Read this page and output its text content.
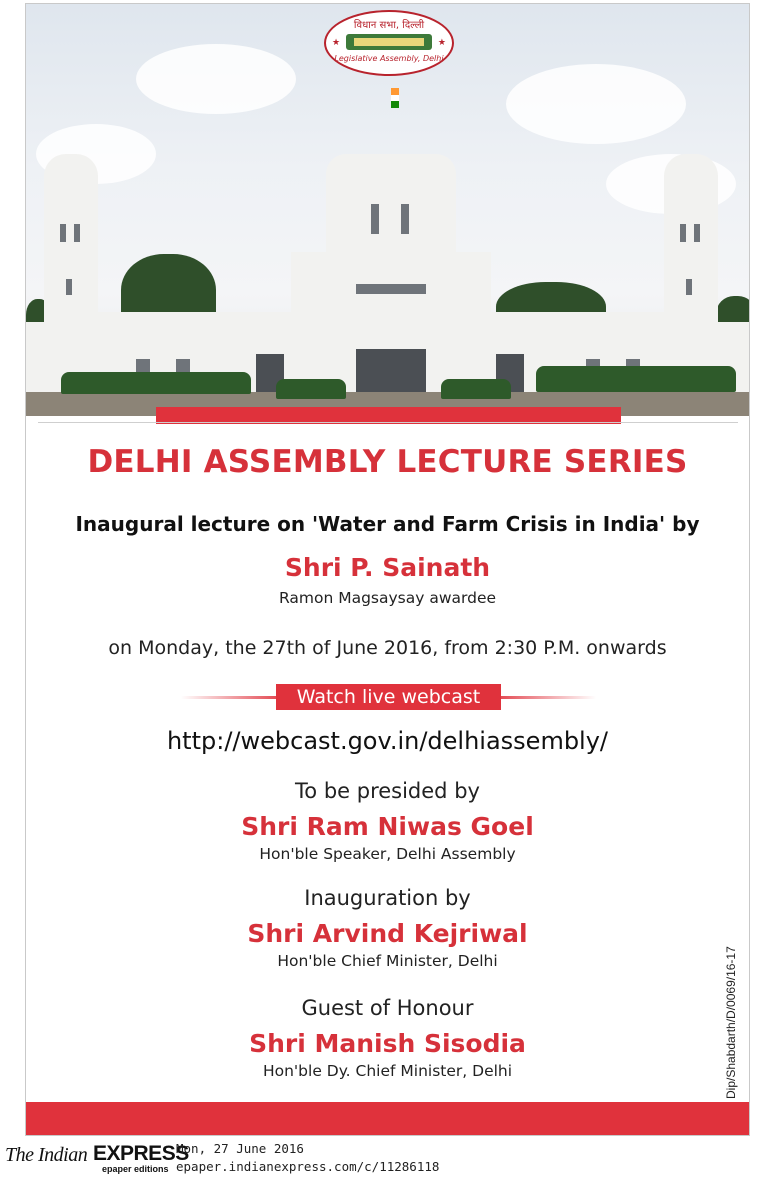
विधान सभा, दिल्ली
★	★
Legislative Assembly, Delhi
DELHI ASSEMBLY LECTURE SERIES
Inaugural lecture on 'Water and Farm Crisis in India' by
Shri P. Sainath
Ramon Magsaysay awardee
on Monday, the 27th of June 2016, from 2:30 P.M. onwards
Watch live webcast
http://webcast.gov.in/delhiassembly/
To be presided by
Shri Ram Niwas Goel
Hon'ble Speaker, Delhi Assembly
Inauguration by
Shri Arvind Kejriwal
Hon'ble Chief Minister, Delhi
Guest of Honour
Shri Manish Sisodia
Hon'ble Dy. Chief Minister, Delhi	Dip/Shabdarth/D/0069/16-17
The Indian EXPRESS
epaper editions
Mon, 27 June 2016
epaper.indianexpress.com/c/11286118
